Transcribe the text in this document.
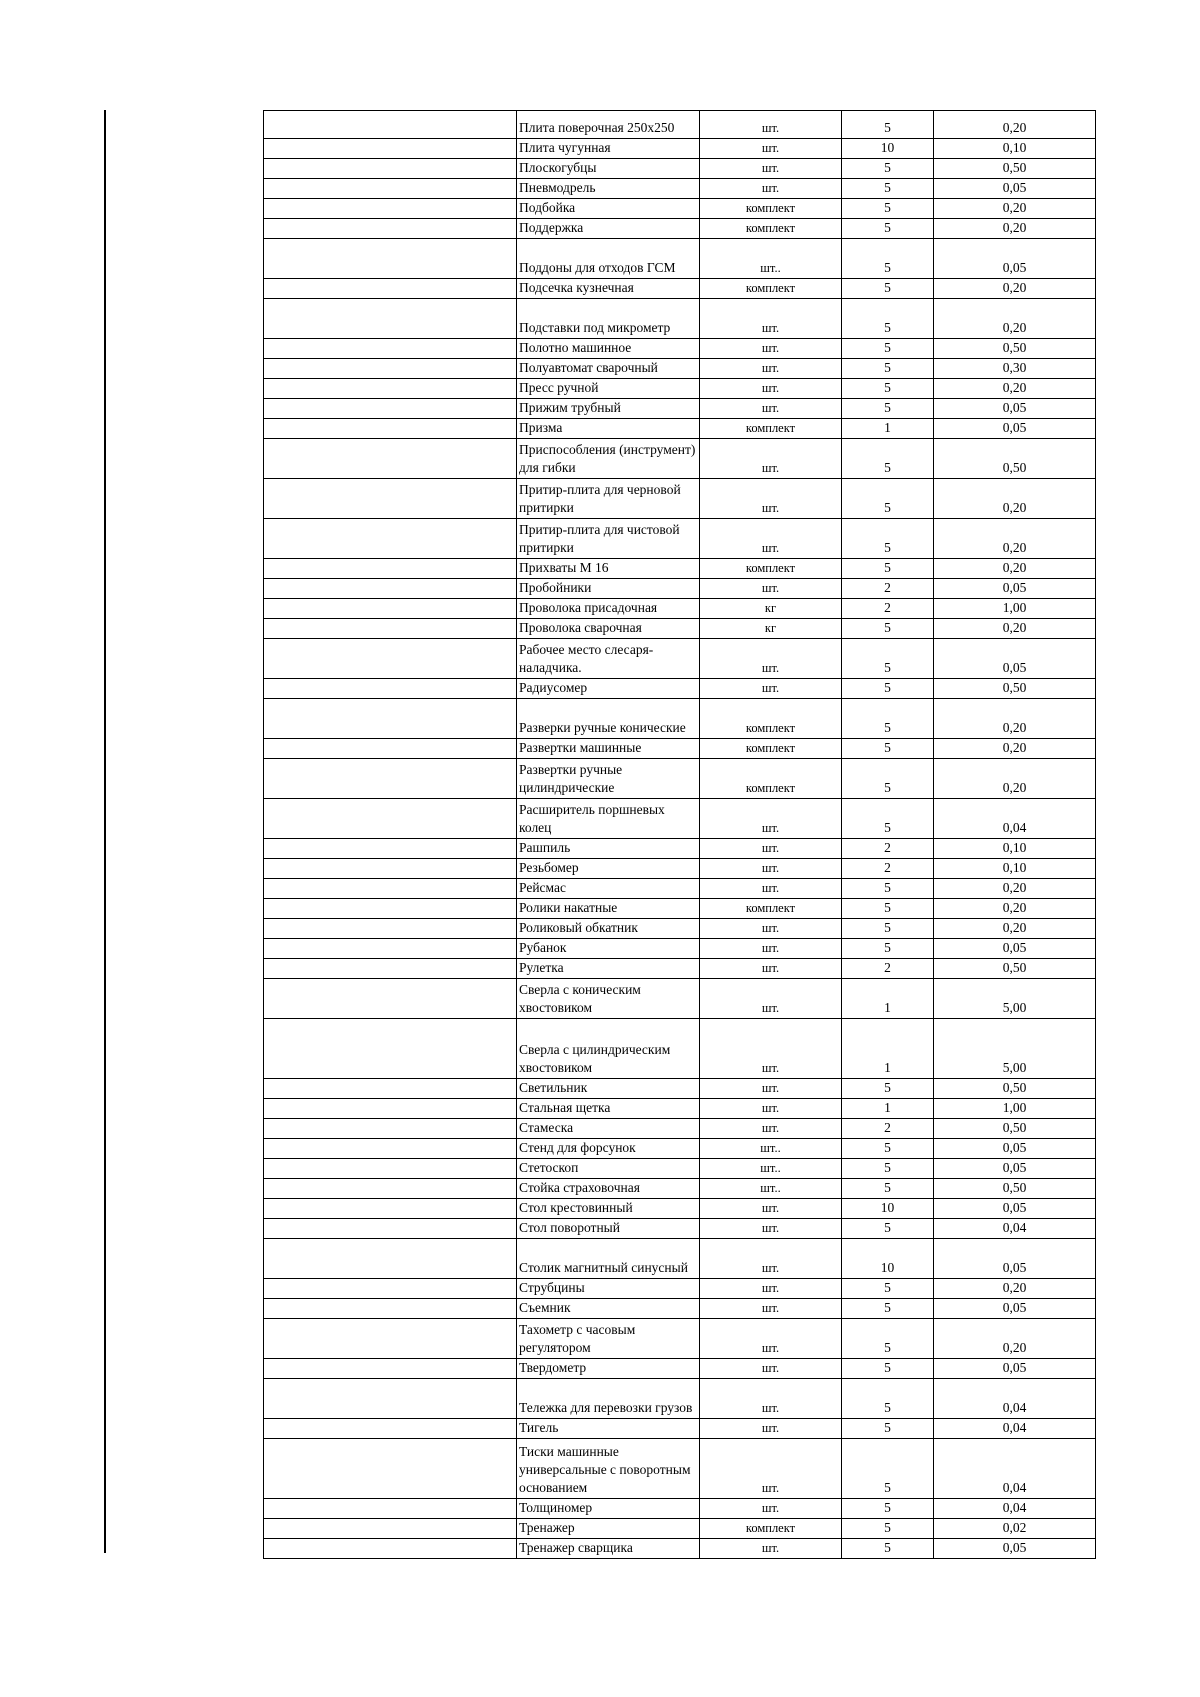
	Плита поверочная 250х250	шт.	5	0,20
	Плита чугунная	шт.	10	0,10
	Плоскогубцы	шт.	5	0,50
	Пневмодрель	шт.	5	0,05
	Подбойка	комплект	5	0,20
	Поддержка	комплект	5	0,20
	Поддоны для отходов ГСМ	шт..	5	0,05
	Подсечка кузнечная	комплект	5	0,20
	Подставки под микрометр	шт.	5	0,20
	Полотно машинное	шт.	5	0,50
	Полуавтомат сварочный	шт.	5	0,30
	Пресс ручной	шт.	5	0,20
	Прижим трубный	шт.	5	0,05
	Призма	комплект	1	0,05
	Приспособления (инструмент) для гибки	шт.	5	0,50
	Притир-плита для черновой притирки	шт.	5	0,20
	Притир-плита для чистовой притирки	шт.	5	0,20
	Прихваты М 16	комплект	5	0,20
	Пробойники	шт.	2	0,05
	Проволока присадочная	кг	2	1,00
	Проволока сварочная	кг	5	0,20
	Рабочее место слесаря-наладчика.	шт.	5	0,05
	Радиусомер	шт.	5	0,50
	Разверки ручные конические	комплект	5	0,20
	Развертки машинные	комплект	5	0,20
	Развертки ручные цилиндрические	комплект	5	0,20
	Расширитель поршневых колец	шт.	5	0,04
	Рашпиль	шт.	2	0,10
	Резьбомер	шт.	2	0,10
	Рейсмас	шт.	5	0,20
	Ролики накатные	комплект	5	0,20
	Роликовый обкатник	шт.	5	0,20
	Рубанок	шт.	5	0,05
	Рулетка	шт.	2	0,50
	Сверла с коническим хвостовиком	шт.	1	5,00
	Сверла с цилиндрическим хвостовиком	шт.	1	5,00
	Светильник	шт.	5	0,50
	Стальная щетка	шт.	1	1,00
	Стамеска	шт.	2	0,50
	Стенд для форсунок	шт..	5	0,05
	Стетоскоп	шт..	5	0,05
	Стойка страховочная	шт..	5	0,50
	Стол крестовинный	шт.	10	0,05
	Стол поворотный	шт.	5	0,04
	Столик магнитный синусный	шт.	10	0,05
	Струбцины	шт.	5	0,20
	Съемник	шт.	5	0,05
	Тахометр с часовым регулятором	шт.	5	0,20
	Твердомeтр	шт.	5	0,05
	Тележка для перевозки грузов	шт.	5	0,04
	Тигель	шт.	5	0,04
	Тиски машинные универсальные с поворотным основанием	шт.	5	0,04
	Толщиномер	шт.	5	0,04
	Тренажер	комплект	5	0,02
	Тренажер сварщика	шт.	5	0,05
